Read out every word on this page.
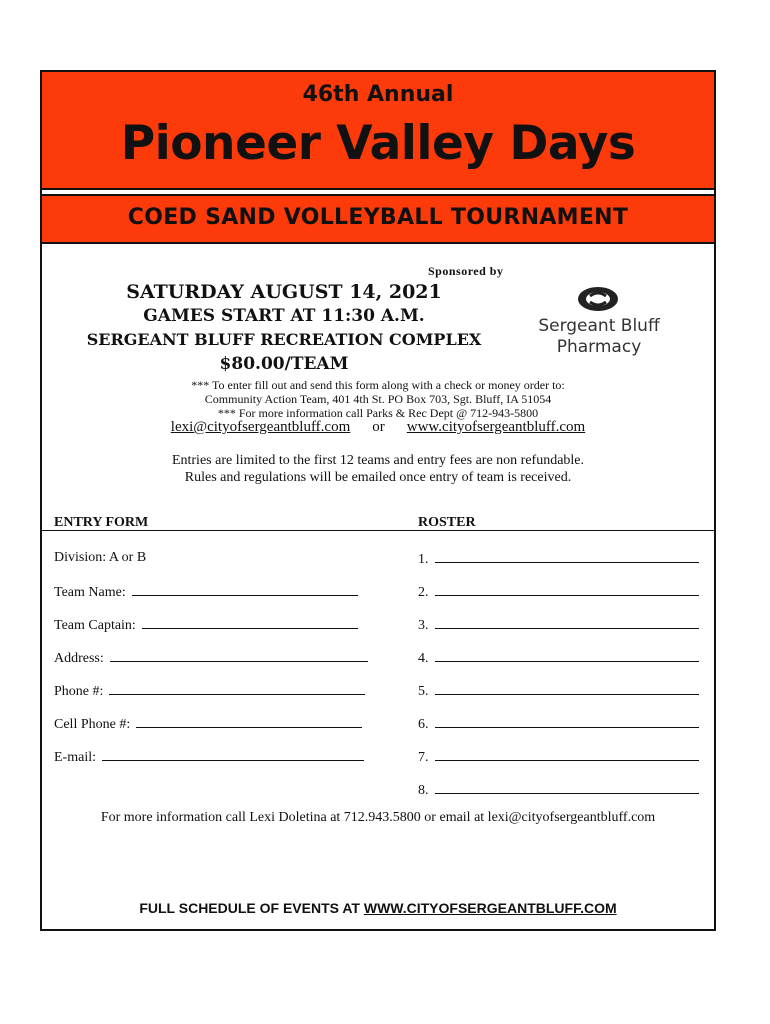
46th Annual
Pioneer Valley Days
COED SAND VOLLEYBALL TOURNAMENT
Sponsored by
SATURDAY AUGUST 14, 2021
GAMES START AT 11:30 A.M.
SERGEANT BLUFF RECREATION COMPLEX
$80.00/TEAM
Sergeant Bluff
Pharmacy
*** To enter fill out and send this form along with a check or money order to:
Community Action Team, 401 4th St. PO Box 703, Sgt. Bluff, IA 51054
*** For more information call Parks & Rec Dept @ 712-943-5800
lexi@cityofsergeantbluff.com or www.cityofsergeantbluff.com
Entries are limited to the first 12 teams and entry fees are non refundable.
Rules and regulations will be emailed once entry of team is received.
ENTRY FORM	ROSTER
Division: A or B
Team Name:
Team Captain:
Address:
Phone #:
Cell Phone #:
E-mail:
1.
2.
3.
4.
5.
6.
7.
8.
For more information call Lexi Doletina at 712.943.5800 or email at lexi@cityofsergeantbluff.com
FULL SCHEDULE OF EVENTS AT WWW.CITYOFSERGEANTBLUFF.COM
